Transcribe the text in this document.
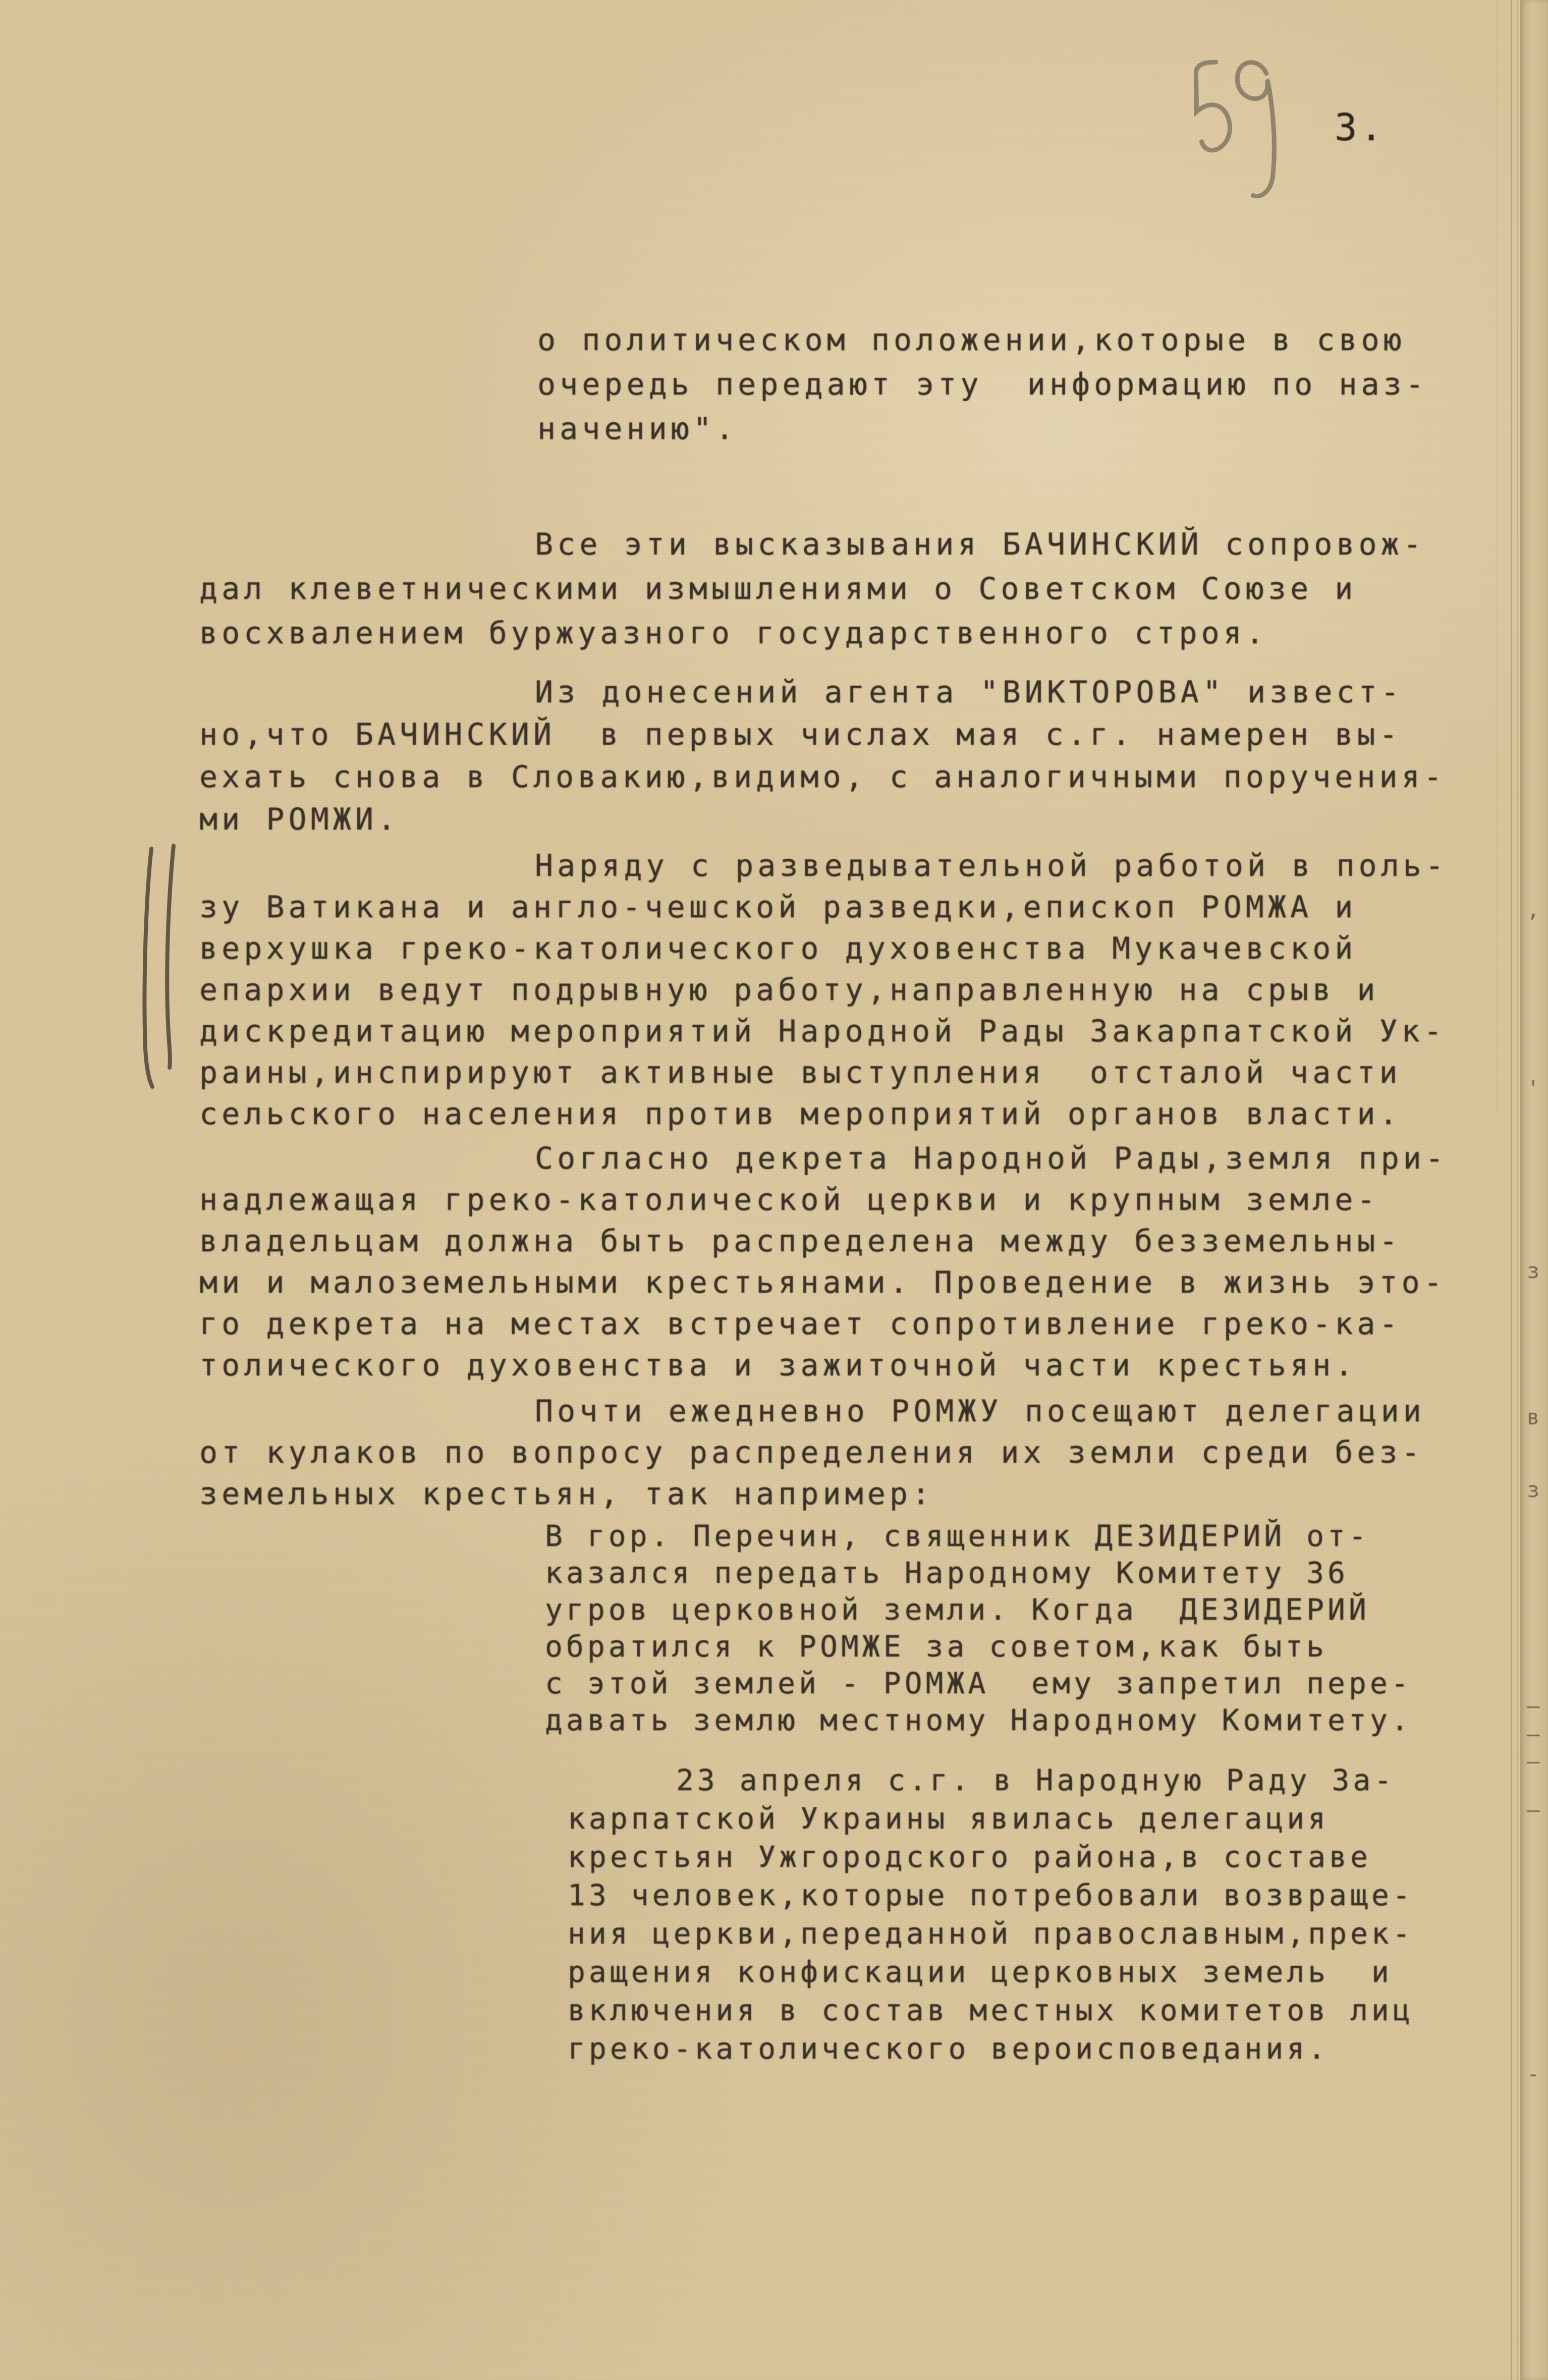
3.
о политическом положении,которые в свою
очередь передают эту  информацию по наз-
начению".
Все эти высказывания БАЧИНСКИЙ сопровож-
дал клеветническими измышлениями о Советском Союзе и
восхвалением буржуазного государственного строя.
Из донесений агента "ВИКТОРОВА" извест-
но,что БАЧИНСКИЙ  в первых числах мая с.г. намерен вы-
ехать снова в Словакию,видимо, с аналогичными поручения-
ми РОМЖИ.
Наряду с разведывательной работой в поль-
зу Ватикана и англо-чешской разведки,епископ РОМЖА и
верхушка греко-католического духовенства Мукачевской
епархии ведут подрывную работу,направленную на срыв и
дискредитацию мероприятий Народной Рады Закарпатской Ук-
раины,инспирируют активные выступления  отсталой части
сельского населения против мероприятий органов власти.
Согласно декрета Народной Рады,земля при-
надлежащая греко-католической церкви и крупным земле-
владельцам должна быть распределена между безземельны-
ми и малоземельными крестьянами. Проведение в жизнь это-
го декрета на местах встречает сопротивление греко-ка-
толического духовенства и зажиточной части крестьян.
Почти ежедневно РОМЖУ посещают делегации
от кулаков по вопросу распределения их земли среди без-
земельных крестьян, так например:
В гор. Перечин, священник ДЕЗИДЕРИЙ от-
казался передать Народному Комитету 36
угров церковной земли. Когда  ДЕЗИДЕРИЙ
обратился к РОМЖЕ за советом,как быть
с этой землей - РОМЖА  ему запретил пере-
давать землю местному Народному Комитету.
23 апреля с.г. в Народную Раду За-
карпатской Украины явилась делегация
крестьян Ужгородского района,в составе
13 человек,которые потребовали возвраще-
ния церкви,переданной православным,прек-
ращения конфискации церковных земель  и
включения в состав местных комитетов лиц
греко-католического вероисповедания.
,
'
з
в
з
–
–
–
–
-
